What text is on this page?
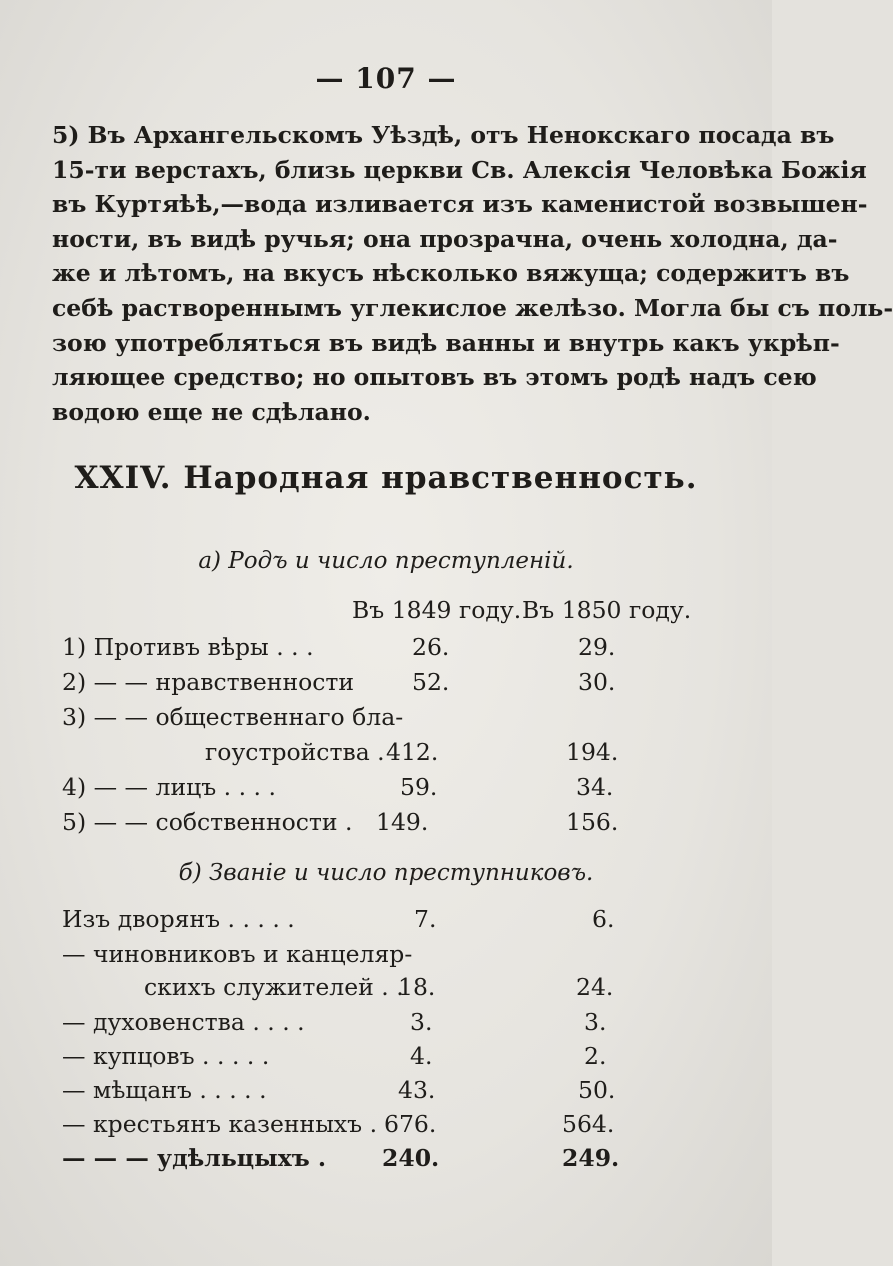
— 107 —
5) Въ Архангельскомъ Уѣздѣ, отъ Ненокскаго посада въ
15-ти верстахъ, близь церкви Св. Алексія Человѣка Божія
въ Куртяѣѣ,—вода изливается изъ каменистой возвышен-
ности, въ видѣ ручья; она прозрачна, очень холодна, да-
же и лѣтомъ, на вкусъ нѣсколько вяжуща; содержитъ въ
себѣ раствореннымъ углекислое желѣзо. Могла бы съ поль-
зою употребляться въ видѣ ванны и внутрь какъ укрѣп-
ляющее средство; но опытовъ въ этомъ родѣ надъ сею
водою еще не сдѣлано.
XXIV. Народная нравственность.
а) Родъ и число преступленій.
Въ 1849 году. Въ 1850 году.
1) Противъ вѣры . . .	26.	29.
2) — — нравственности 52.	30.
3) — — общественнаго бла-
гоустройства . 412.	194.
4) — — лицъ . . . .	59.	34.
5) — — собственности . 149.	156.
б) Званіе и число преступниковъ.
Изъ дворянъ . . . . .	7.	6.
— чиновниковъ и канцеляр-
скихъ служителей . .
18.	24.
— духовенства . . . .	3.	3.
— купцовъ . . . . .	4.	2.
— мѣщанъ . . . . .	43.	50.
— крестьянъ казенныхъ . 676.	564.
— — — удѣльцыхъ . 240.	249.
